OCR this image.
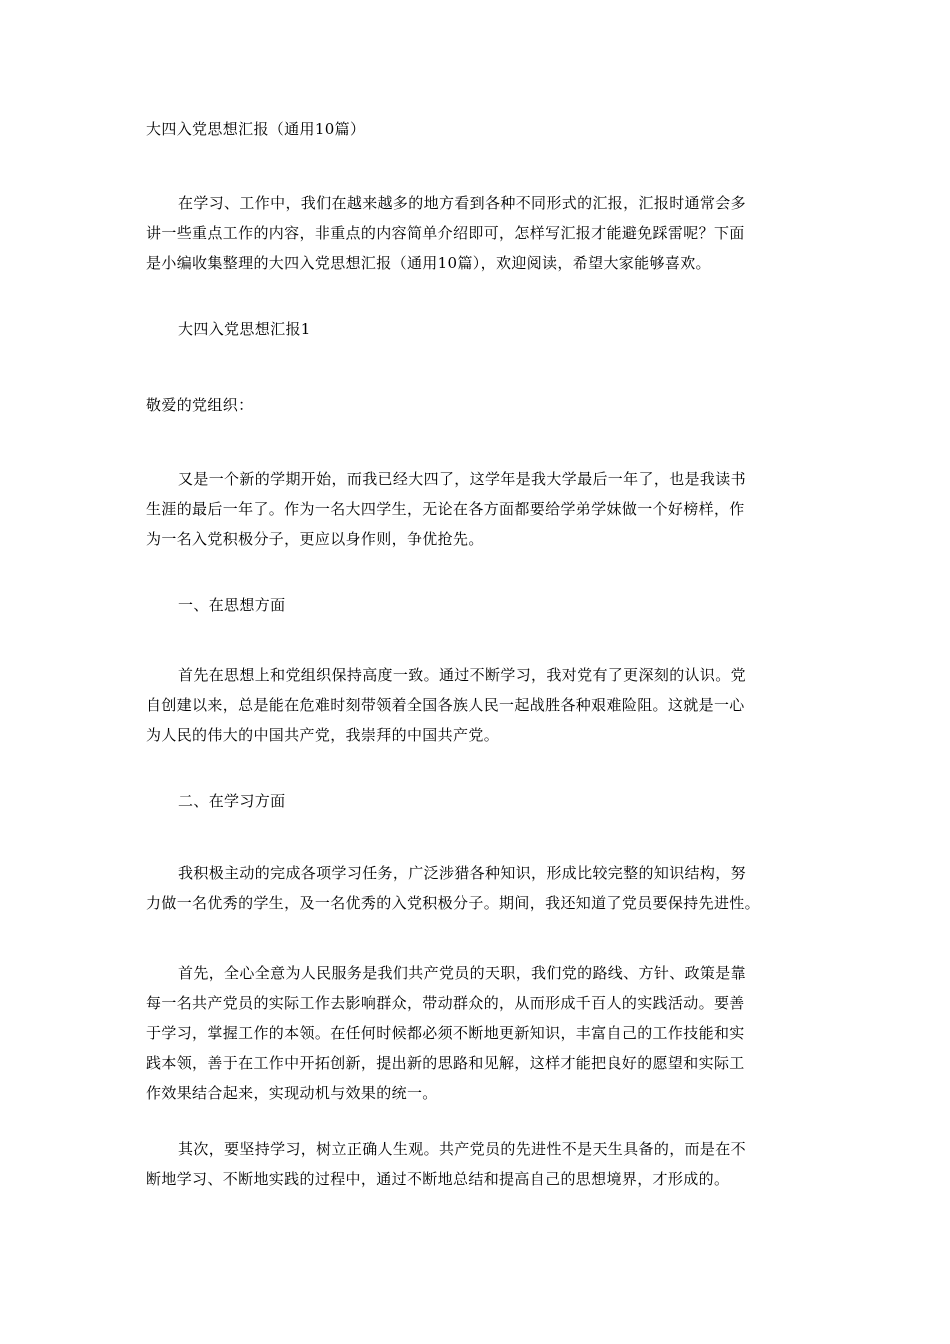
大四入党思想汇报（通用10篇）
在学习、工作中，我们在越来越多的地方看到各种不同形式的汇报，汇报时通常会多
讲一些重点工作的内容，非重点的内容简单介绍即可，怎样写汇报才能避免踩雷呢？下面
是小编收集整理的大四入党思想汇报（通用10篇），欢迎阅读，希望大家能够喜欢。
大四入党思想汇报1
敬爱的党组织：
又是一个新的学期开始，而我已经大四了，这学年是我大学最后一年了，也是我读书
生涯的最后一年了。作为一名大四学生，无论在各方面都要给学弟学妹做一个好榜样，作
为一名入党积极分子，更应以身作则，争优抢先。
一、在思想方面
首先在思想上和党组织保持高度一致。通过不断学习，我对党有了更深刻的认识。党
自创建以来，总是能在危难时刻带领着全国各族人民一起战胜各种艰难险阻。这就是一心
为人民的伟大的中国共产党，我崇拜的中国共产党。
二、在学习方面
我积极主动的完成各项学习任务，广泛涉猎各种知识，形成比较完整的知识结构，努
力做一名优秀的学生，及一名优秀的入党积极分子。期间，我还知道了党员要保持先进性。
首先，全心全意为人民服务是我们共产党员的天职，我们党的路线、方针、政策是靠
每一名共产党员的实际工作去影响群众，带动群众的，从而形成千百人的实践活动。要善
于学习，掌握工作的本领。在任何时候都必须不断地更新知识，丰富自己的工作技能和实
践本领，善于在工作中开拓创新，提出新的思路和见解，这样才能把良好的愿望和实际工
作效果结合起来，实现动机与效果的统一。
其次，要坚持学习，树立正确人生观。共产党员的先进性不是天生具备的，而是在不
断地学习、不断地实践的过程中，通过不断地总结和提高自己的思想境界，才形成的。
